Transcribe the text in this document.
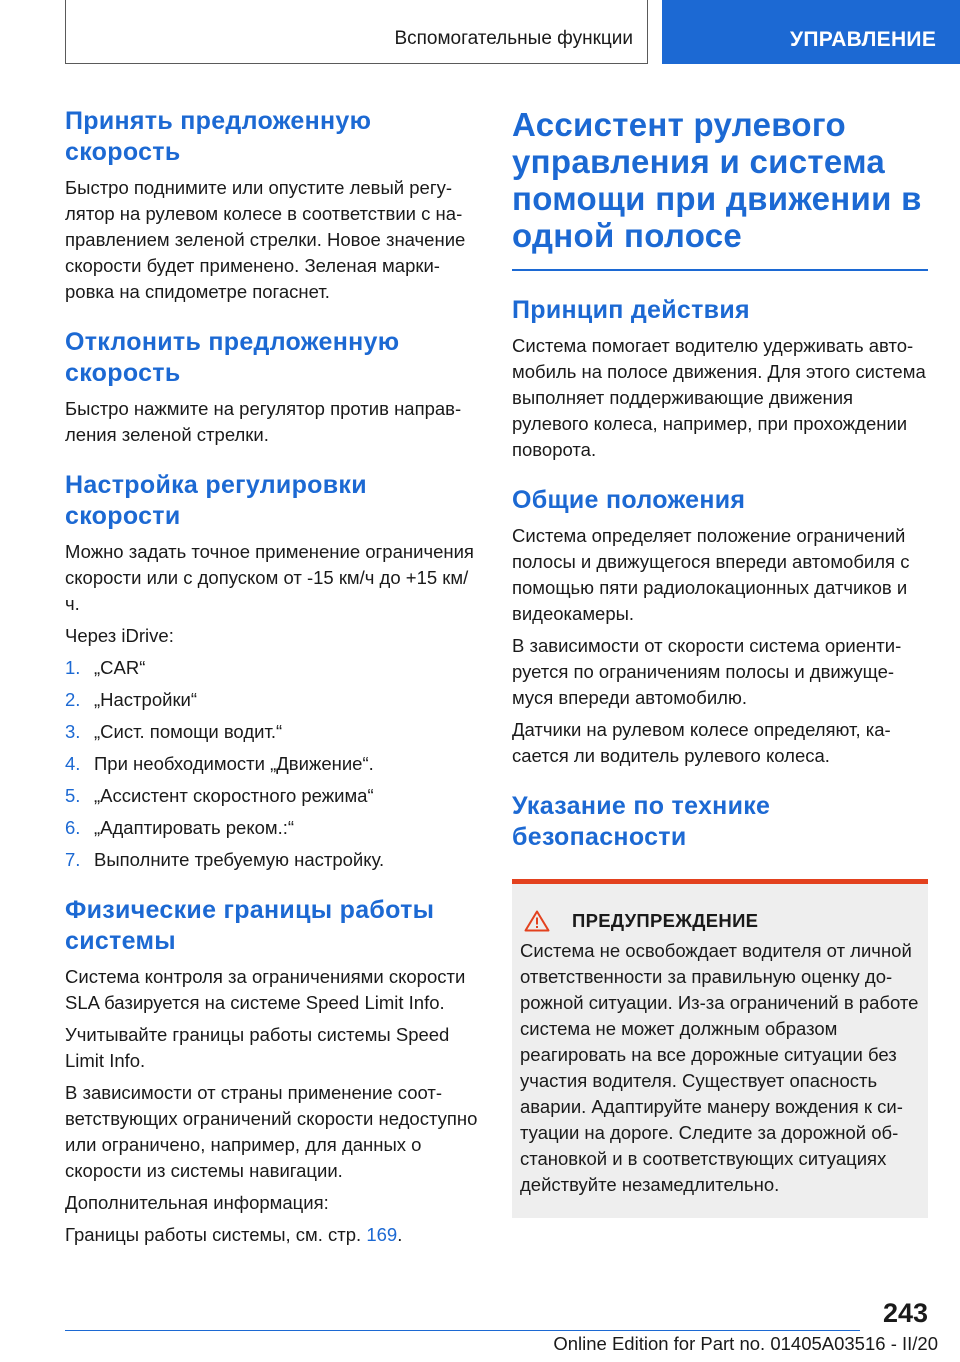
Вспомогательные функции	УПРАВЛЕНИЕ
Принять предложенную скорость

Быстро поднимите или опустите левый регулятор на рулевом колесе в соответствии с направлением зеленой стрелки. Новое значение скорости будет применено. Зеленая маркировка на спидометре погаснет.

Отклонить предложенную скорость

Быстро нажмите на регулятор против направления зеленой стрелки.

Настройка регулировки скорости

Можно задать точное применение ограничения скорости или с допуском от -15 км/ч до +15 км/ч.

Через iDrive:

1. „CAR“
2. „Настройки“
3. „Сист. помощи водит.“
4. При необходимости „Движение“.
5. „Ассистент скоростного режима“
6. „Адаптировать реком.:“
7. Выполните требуемую настройку.
Физические границы работы системы

Система контроля за ограничениями скорости SLA базируется на системе Speed Limit Info.

Учитывайте границы работы системы Speed Limit Info.

В зависимости от страны применение соответствующих ограничений скорости недоступно или ограничено, например, для данных о скорости из системы навигации.

Дополнительная информация:

Границы работы системы, см. стр. 169.

Ассистент рулевого управления и система помощи при движении в одной полосе
Принцип действия

Система помогает водителю удерживать автомобиль на полосе движения. Для этого система выполняет поддерживающие движения рулевого колеса, например, при прохождении поворота.

Общие положения

Система определяет положение ограничений полосы и движущегося впереди автомобиля с помощью пяти радиолокационных датчиков и видеокамеры.

В зависимости от скорости система ориентируется по ограничениям полосы и движущемуся впереди автомобилю.

Датчики на рулевом колесе определяют, касается ли водитель рулевого колеса.

Указание по технике безопасности
ПРЕДУПРЕЖДЕНИЕ

Система не освобождает водителя от личной ответственности за правильную оценку дорожной ситуации. Из-за ограничений в работе система не может должным образом реагировать на все дорожные ситуации без участия водителя. Существует опасность аварии. Адаптируйте манеру вождения к ситуации на дороге. Следите за дорожной обстановкой и в соответствующих ситуациях действуйте незамедлительно.

243
Online Edition for Part no. 01405A03516 - II/20
